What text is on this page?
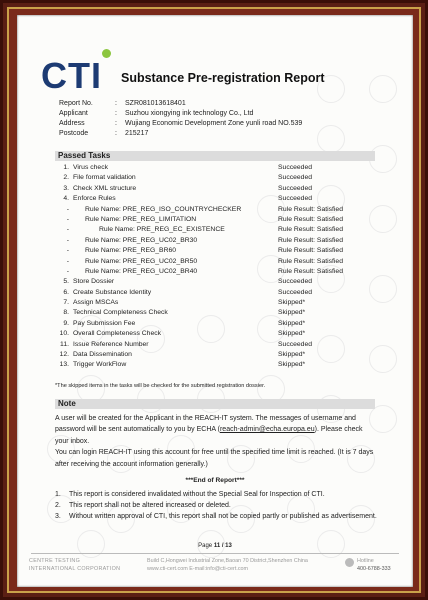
CTI Substance Pre-registration Report
Report No.	:	SZR081013618401
Applicant	:	Suzhou xiongying ink technology Co., Ltd
Address	:	Wujiang Economic Development Zone yunli road NO.539
Postcode	:	215217
Passed Tasks
1. Virus check	Succeeded
2. File format validation	Succeeded
3. Check XML structure	Succeeded
4. Enforce Rules	Succeeded
-	Rule Name: PRE_REG_ISO_COUNTRYCHECKER	Rule Result: Satisfied
-	Rule Name: PRE_REG_LIMITATION	Rule Result: Satisfied
-	Rule Name: PRE_REG_EC_EXISTENCE	Rule Result: Satisfied
-	Rule Name: PRE_REG_UC02_BR30	Rule Result: Satisfied
-	Rule Name: PRE_REG_BR60	Rule Result: Satisfied
-	Rule Name: PRE_REG_UC02_BR50	Rule Result: Satisfied
-	Rule Name: PRE_REG_UC02_BR40	Rule Result: Satisfied
5. Store Dossier	Succeeded
6. Create Substance Identity	Succeeded
7. Assign MSCAs	Skipped*
8. Technical Completeness Check	Skipped*
9. Pay Submission Fee	Skipped*
10. Overall Completeness Check	Skipped*
11. Issue Reference Number	Succeeded
12. Data Dissemination	Skipped*
13. Trigger WorkFlow	Skipped*
*The skipped items in the tasks will be checked for the submitted registration dossier.
Note
A user will be created for the Applicant in the REACH-IT system. The messages of username and password will be sent automatically to you by ECHA (reach-admin@echa.europa.eu). Please check your inbox.
You can login REACH-IT using this account for free until the specified time limit is reached. (It is 7 days after receiving the account information generally.)
***End of Report***
1.	This report is considered invalidated without the Special Seal for Inspection of CTI.
2.	This report shall not be altered increased or deleted.
3.	Without written approval of CTI, this report shall not be copied partly or published as advertisement.
Page 11 / 13
CENTRE TESTING
INTERNATIONAL CORPORATION
Build C,Hongwei Industrial Zone,Baoan 70 District,Shenzhen China
www.cti-cert.com E-mail:info@cti-cert.com
Hotline
400-6788-333
